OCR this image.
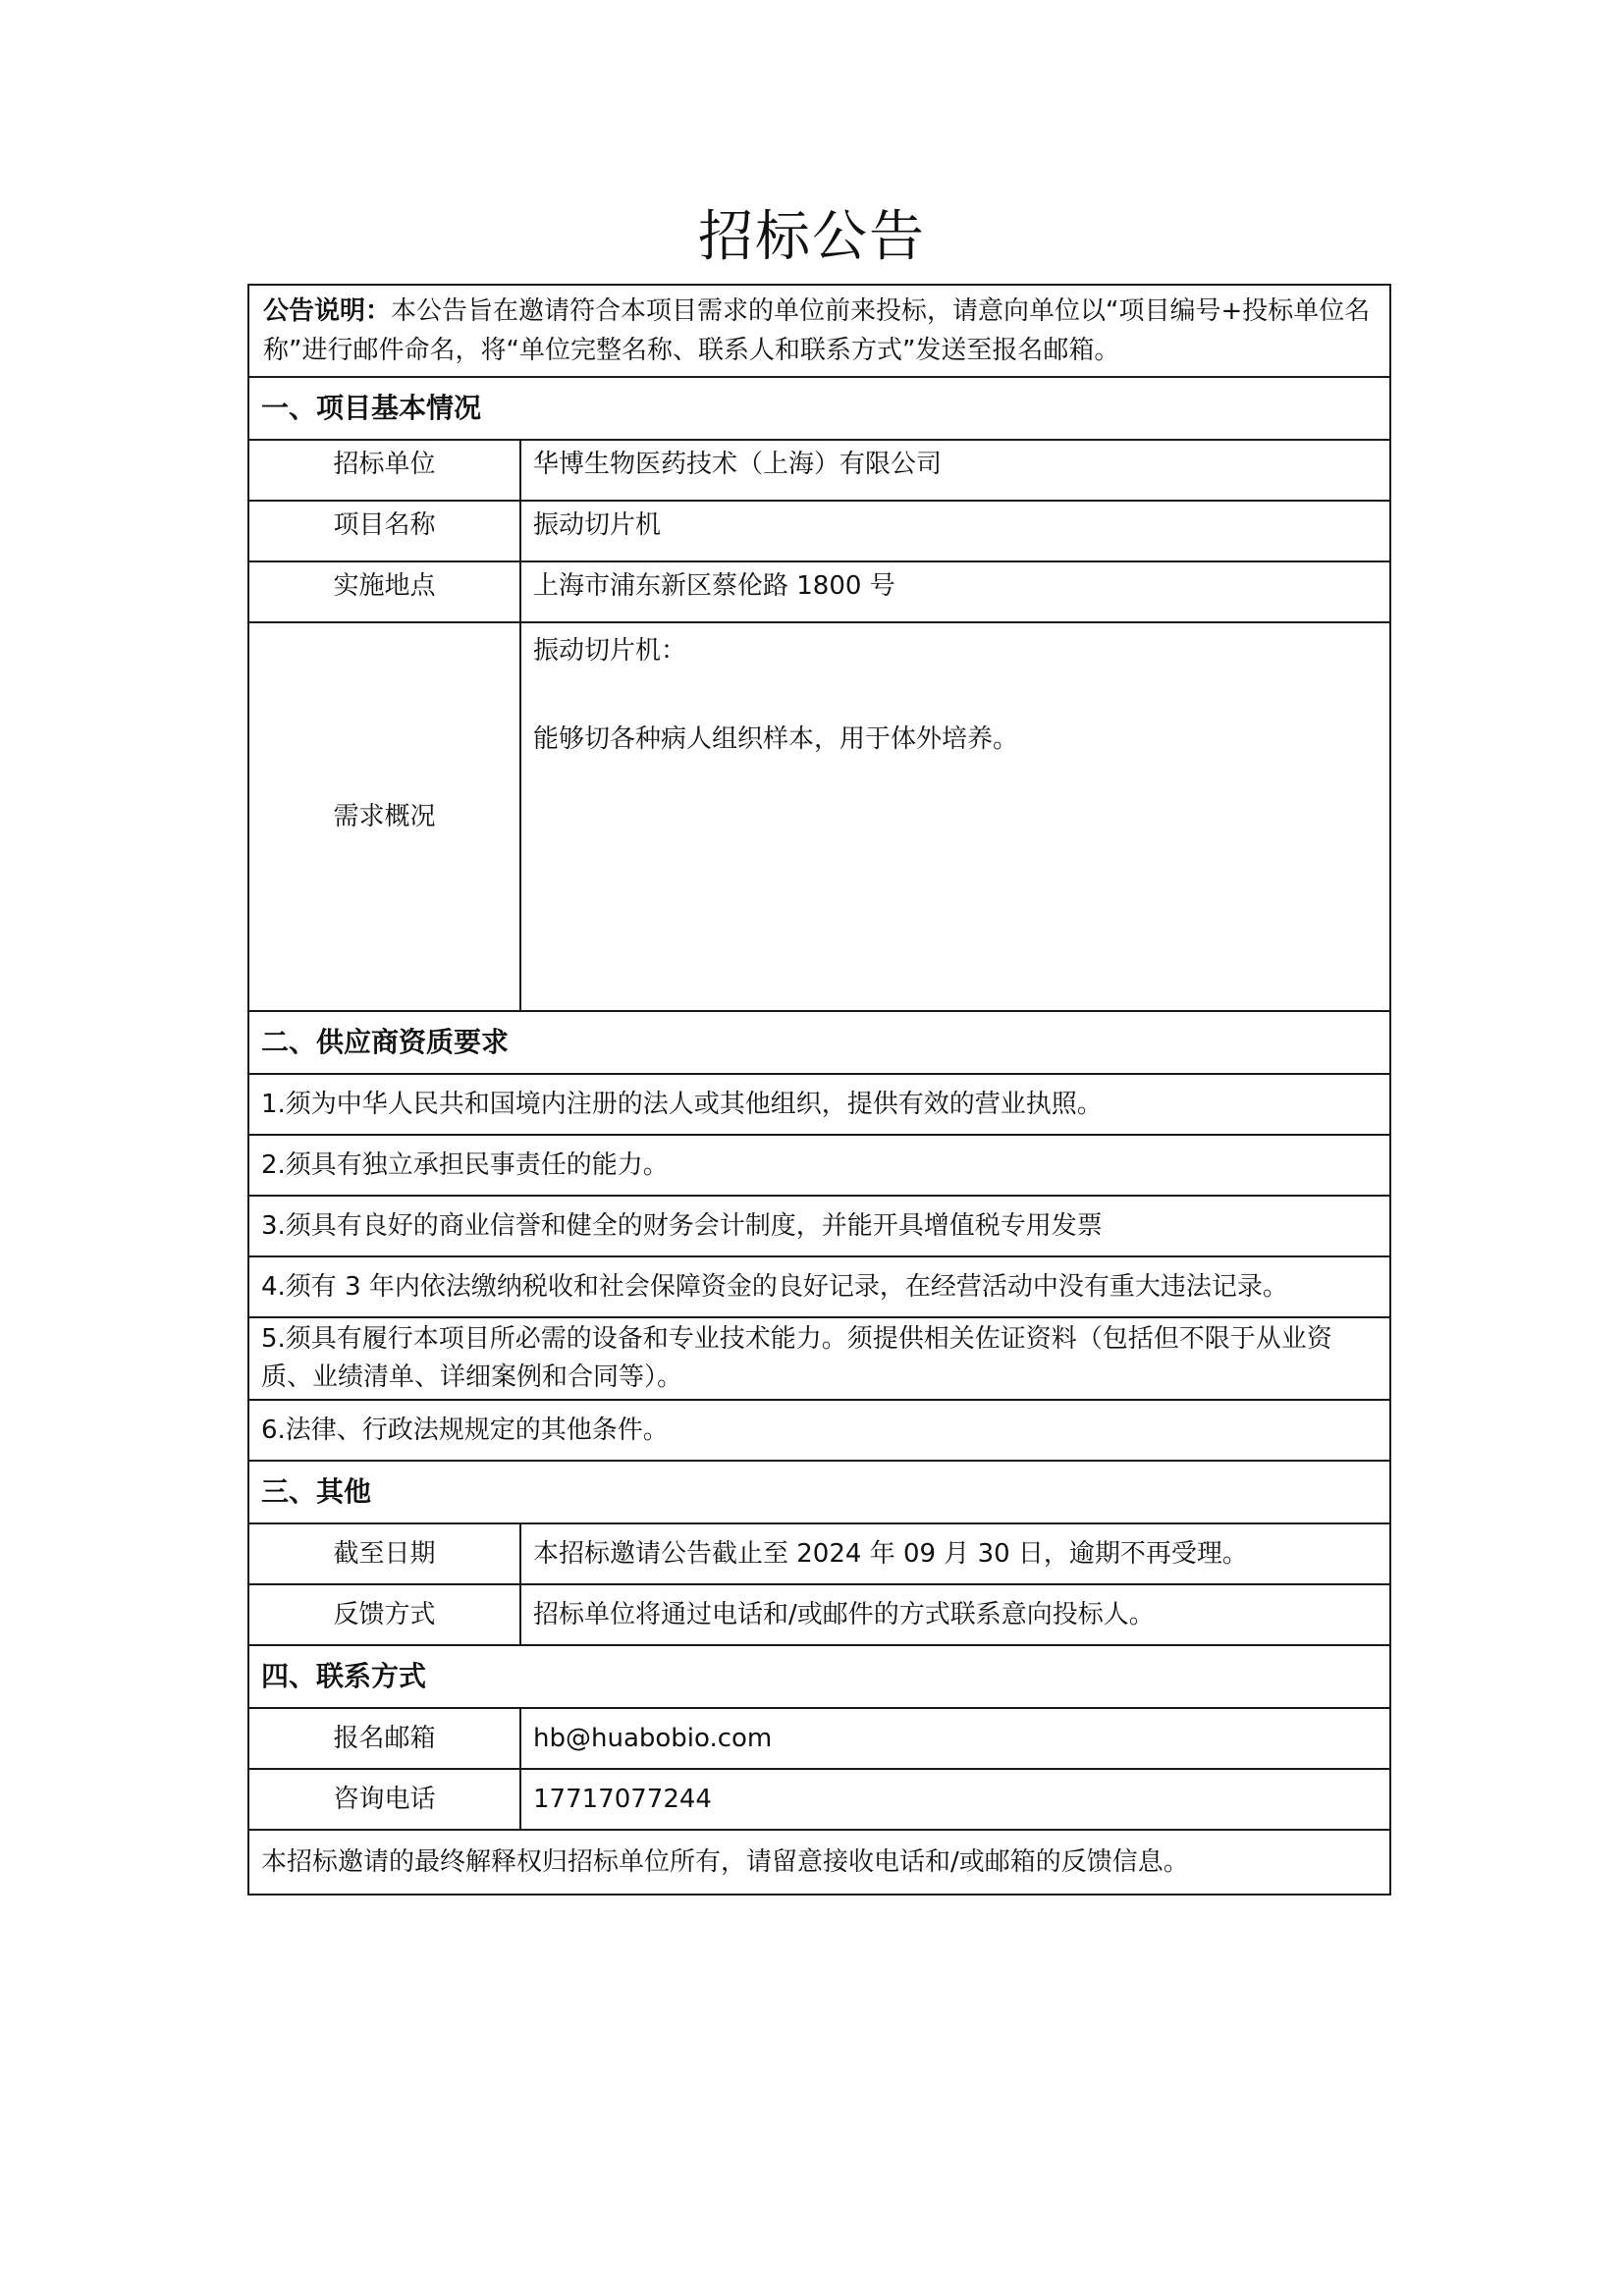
招标公告
公告说明：本公告旨在邀请符合本项目需求的单位前来投标，请意向单位以“项目编号+投标单位名称”进行邮件命名，将“单位完整名称、联系人和联系方式”发送至报名邮箱。	
一、项目基本情况	
招标单位	华博生物医药技术（上海）有限公司
项目名称	振动切片机
实施地点	上海市浦东新区蔡伦路 1800 号
需求概况	振动切片机：

能够切各种病人组织样本，用于体外培养。

二、供应商资质要求	
1.须为中华人民共和国境内注册的法人或其他组织，提供有效的营业执照。	
2.须具有独立承担民事责任的能力。	
3.须具有良好的商业信誉和健全的财务会计制度，并能开具增值税专用发票	
4.须有 3 年内依法缴纳税收和社会保障资金的良好记录，在经营活动中没有重大违法记录。	
5.须具有履行本项目所必需的设备和专业技术能力。须提供相关佐证资料（包括但不限于从业资质、业绩清单、详细案例和合同等）。	
6.法律、行政法规规定的其他条件。	
三、其他	
截至日期	本招标邀请公告截止至 2024 年 09 月 30 日，逾期不再受理。
反馈方式	招标单位将通过电话和/或邮件的方式联系意向投标人。
四、联系方式	
报名邮箱	hb@huabobio.com
咨询电话	17717077244
本招标邀请的最终解释权归招标单位所有，请留意接收电话和/或邮箱的反馈信息。	
